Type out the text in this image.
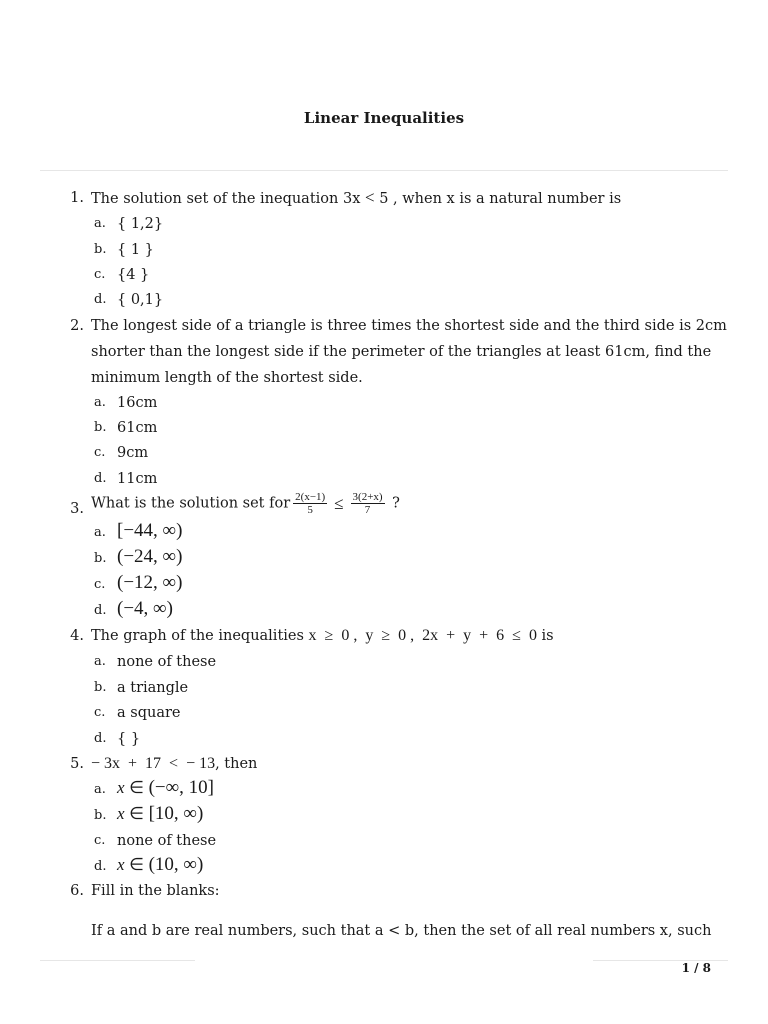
Linear Inequalities
1. The solution set of the inequation 3x < 5 , when x is a natural number is
a. { 1,2}
b. { 1 }
c. {4 }
d. { 0,1}
2. The longest side of a triangle is three times the shortest side and the third side is 2cm
shorter than the longest side if the perimeter of the triangles at least 61cm, find the
minimum length of the shortest side.
a. 16cm
b. 61cm
c. 9cm
d. 11cm
3. What is the solution set for $\frac{2(x-1)}{5} \le \frac{3(2+x)}{7}$ ?
a. [−44, ∞)
b. (−24, ∞)
c. (−12, ∞)
d. (−4, ∞)
4. The graph of the inequalities x  ≥  0 ,  y  ≥  0 ,  2x  +  y  +  6  ≤  0 is
a. none of these
b. a triangle
c. a square
d. { }
5. − 3x  +  17  <  − 13, then
a. x ∈ (−∞, 10]
b. x ∈ [10, ∞)
c. none of these
d. x ∈ (10, ∞)
6. Fill in the blanks:
If a and b are real numbers, such that a < b, then the set of all real numbers x, such
1 / 8
